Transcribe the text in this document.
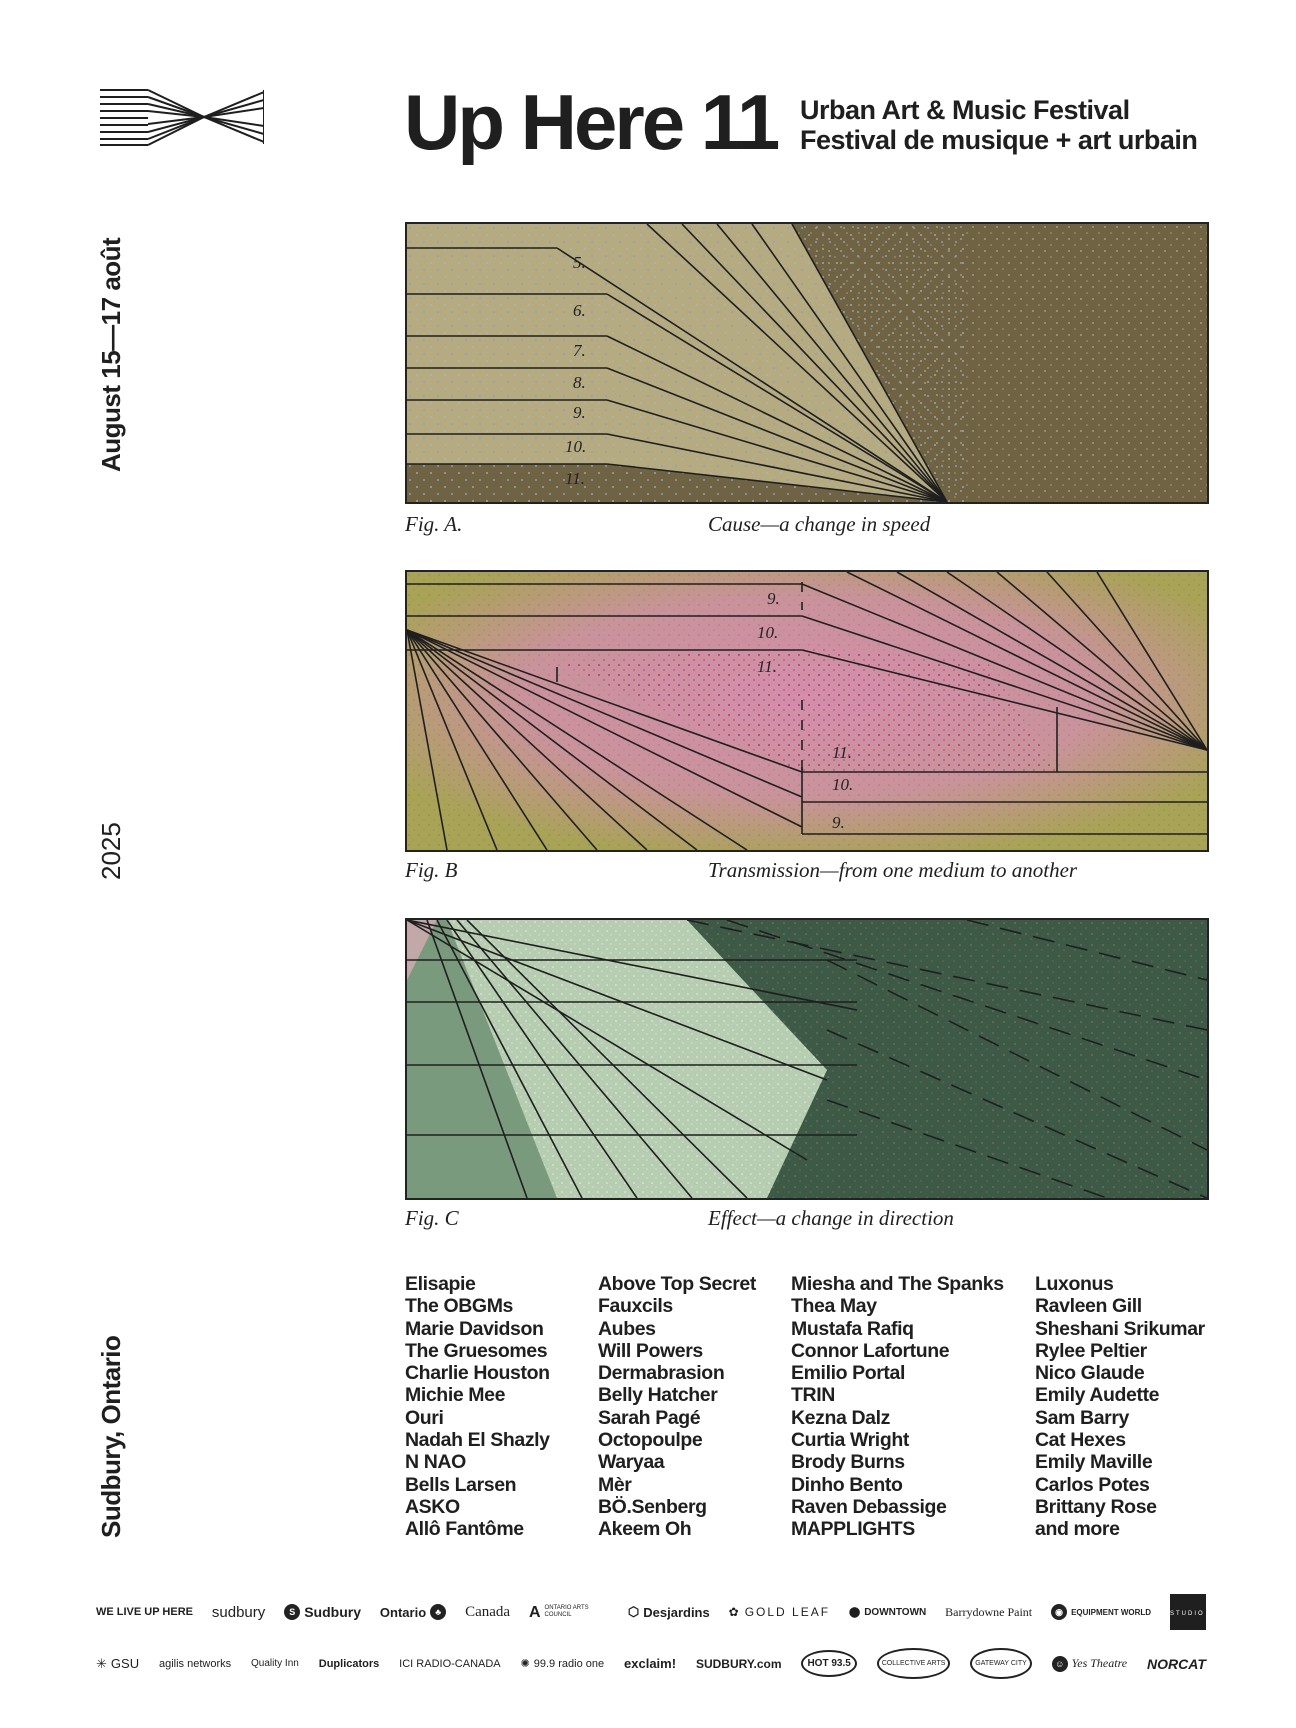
Up Here 11 Urban Art & Music Festival
Festival de musique + art urbain
August 15—17 août
2025
Sudbury, Ontario
5.
6.
7.
8.
9.
10.
11.
Fig. A.	Cause—a change in speed
9.
10.
11.
11.
10.
9.
Fig. B	Transmission—from one medium to another
Fig. C	Effect—a change in direction
Elisapie
The OBGMs
Marie Davidson
The Gruesomes
Charlie Houston
Michie Mee
Ouri
Nadah El Shazly
N NAO
Bells Larsen
ASKO
Allô Fantôme
Above Top Secret
Fauxcils
Aubes
Will Powers
Dermabrasion
Belly Hatcher
Sarah Pagé
Octopoulpe
Waryaa
Mèr
BÖ.Senberg
Akeem Oh
Miesha and The Spanks
Thea May
Mustafa Rafiq
Connor Lafortune
Emilio Portal
TRIN
Kezna Dalz
Curtia Wright
Brody Burns
Dinho Bento
Raven Debassige
MAPPLIGHTS
Luxonus
Ravleen Gill
Sheshani Srikumar
Rylee Peltier
Nico Glaude
Emily Audette
Sam Barry
Cat Hexes
Emily Maville
Carlos Potes
Brittany Rose
and more
WE LIVE UP HERE sudbury	S Sudbury Ontario	♣	Canada A ONTARIO ARTS COUNCIL	⬡ Desjardins ✿ GOLD LEAF ⬤ DOWNTOWN Barrydowne Paint	◉	EQUIPMENT WORLD	STUDIO 123
✳ GSU agilis networks Quality Inn Duplicators ICI RADIO-CANADA ✺ 99.9 radio one exclaim! SUDBURY.com	HOT 93.5	COLLECTIVE ARTS	GATEWAY CITY	☺ Yes Theatre NORCAT
